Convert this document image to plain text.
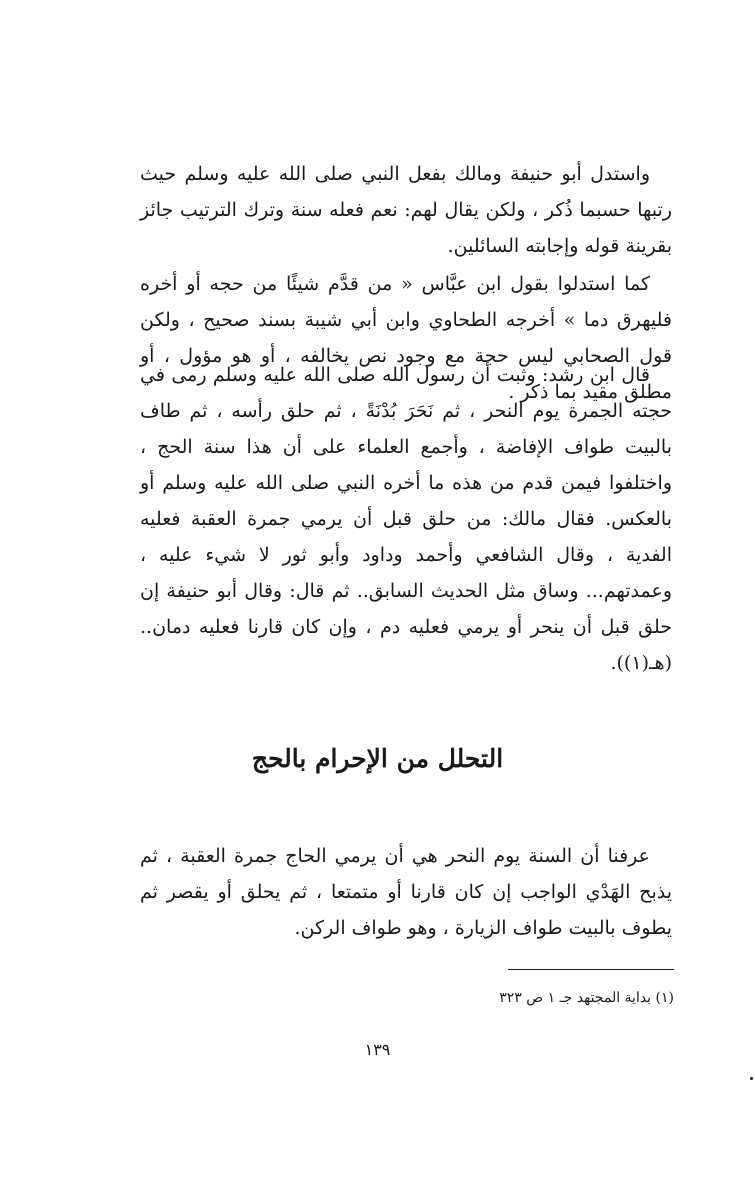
واستدل أبو حنيفة ومالك بفعل النبي صلى الله عليه وسلم حيث رتبها حسبما ذُكر ، ولكن يقال لهم: نعم فعله سنة وترك الترتيب جائز بقرينة قوله وإجابته السائلين.

كما استدلوا بقول ابن عبَّاس « من قدَّم شيئًا من حجه أو أخره فليهرق دما » أخرجه الطحاوي وابن أبي شيبة بسند صحيح ، ولكن قول الصحابي ليس حجة مع وجود نص يخالفه ، أو هو مؤول ، أو مطلق مقيد بما ذكر .

قال ابن رشد: وثبت أن رسول الله صلى الله عليه وسلم رمى في حجته الجمرة يوم النحر ، ثم نَحَرَ بُدْنَةً ، ثم حلق رأسه ، ثم طاف بالبيت طواف الإفاضة ، وأجمع العلماء على أن هذا سنة الحج ، واختلفوا فيمن قدم من هذه ما أخره النبي صلى الله عليه وسلم أو بالعكس. فقال مالك: من حلق قبل أن يرمي جمرة العقبة فعليه الفدية ، وقال الشافعي وأحمد وداود وأبو ثور لا شيء عليه ، وعمدتهم... وساق مثل الحديث السابق.. ثم قال: وقال أبو حنيفة إن حلق قبل أن ينحر أو يرمي فعليه دم ، وإن كان قارنا فعليه دمان.. (هـ(١)).

التحلل من الإحرام بالحج

عرفنا أن السنة يوم النحر هي أن يرمي الحاج جمرة العقبة ، ثم يذبح الهَدْي الواجب إن كان قارنا أو متمتعا ، ثم يحلق أو يقصر ثم يطوف بالبيت طواف الزيارة ، وهو طواف الركن.

(١) بداية المجتهد جـ ١ ص ٣٢٣

١٣٩
